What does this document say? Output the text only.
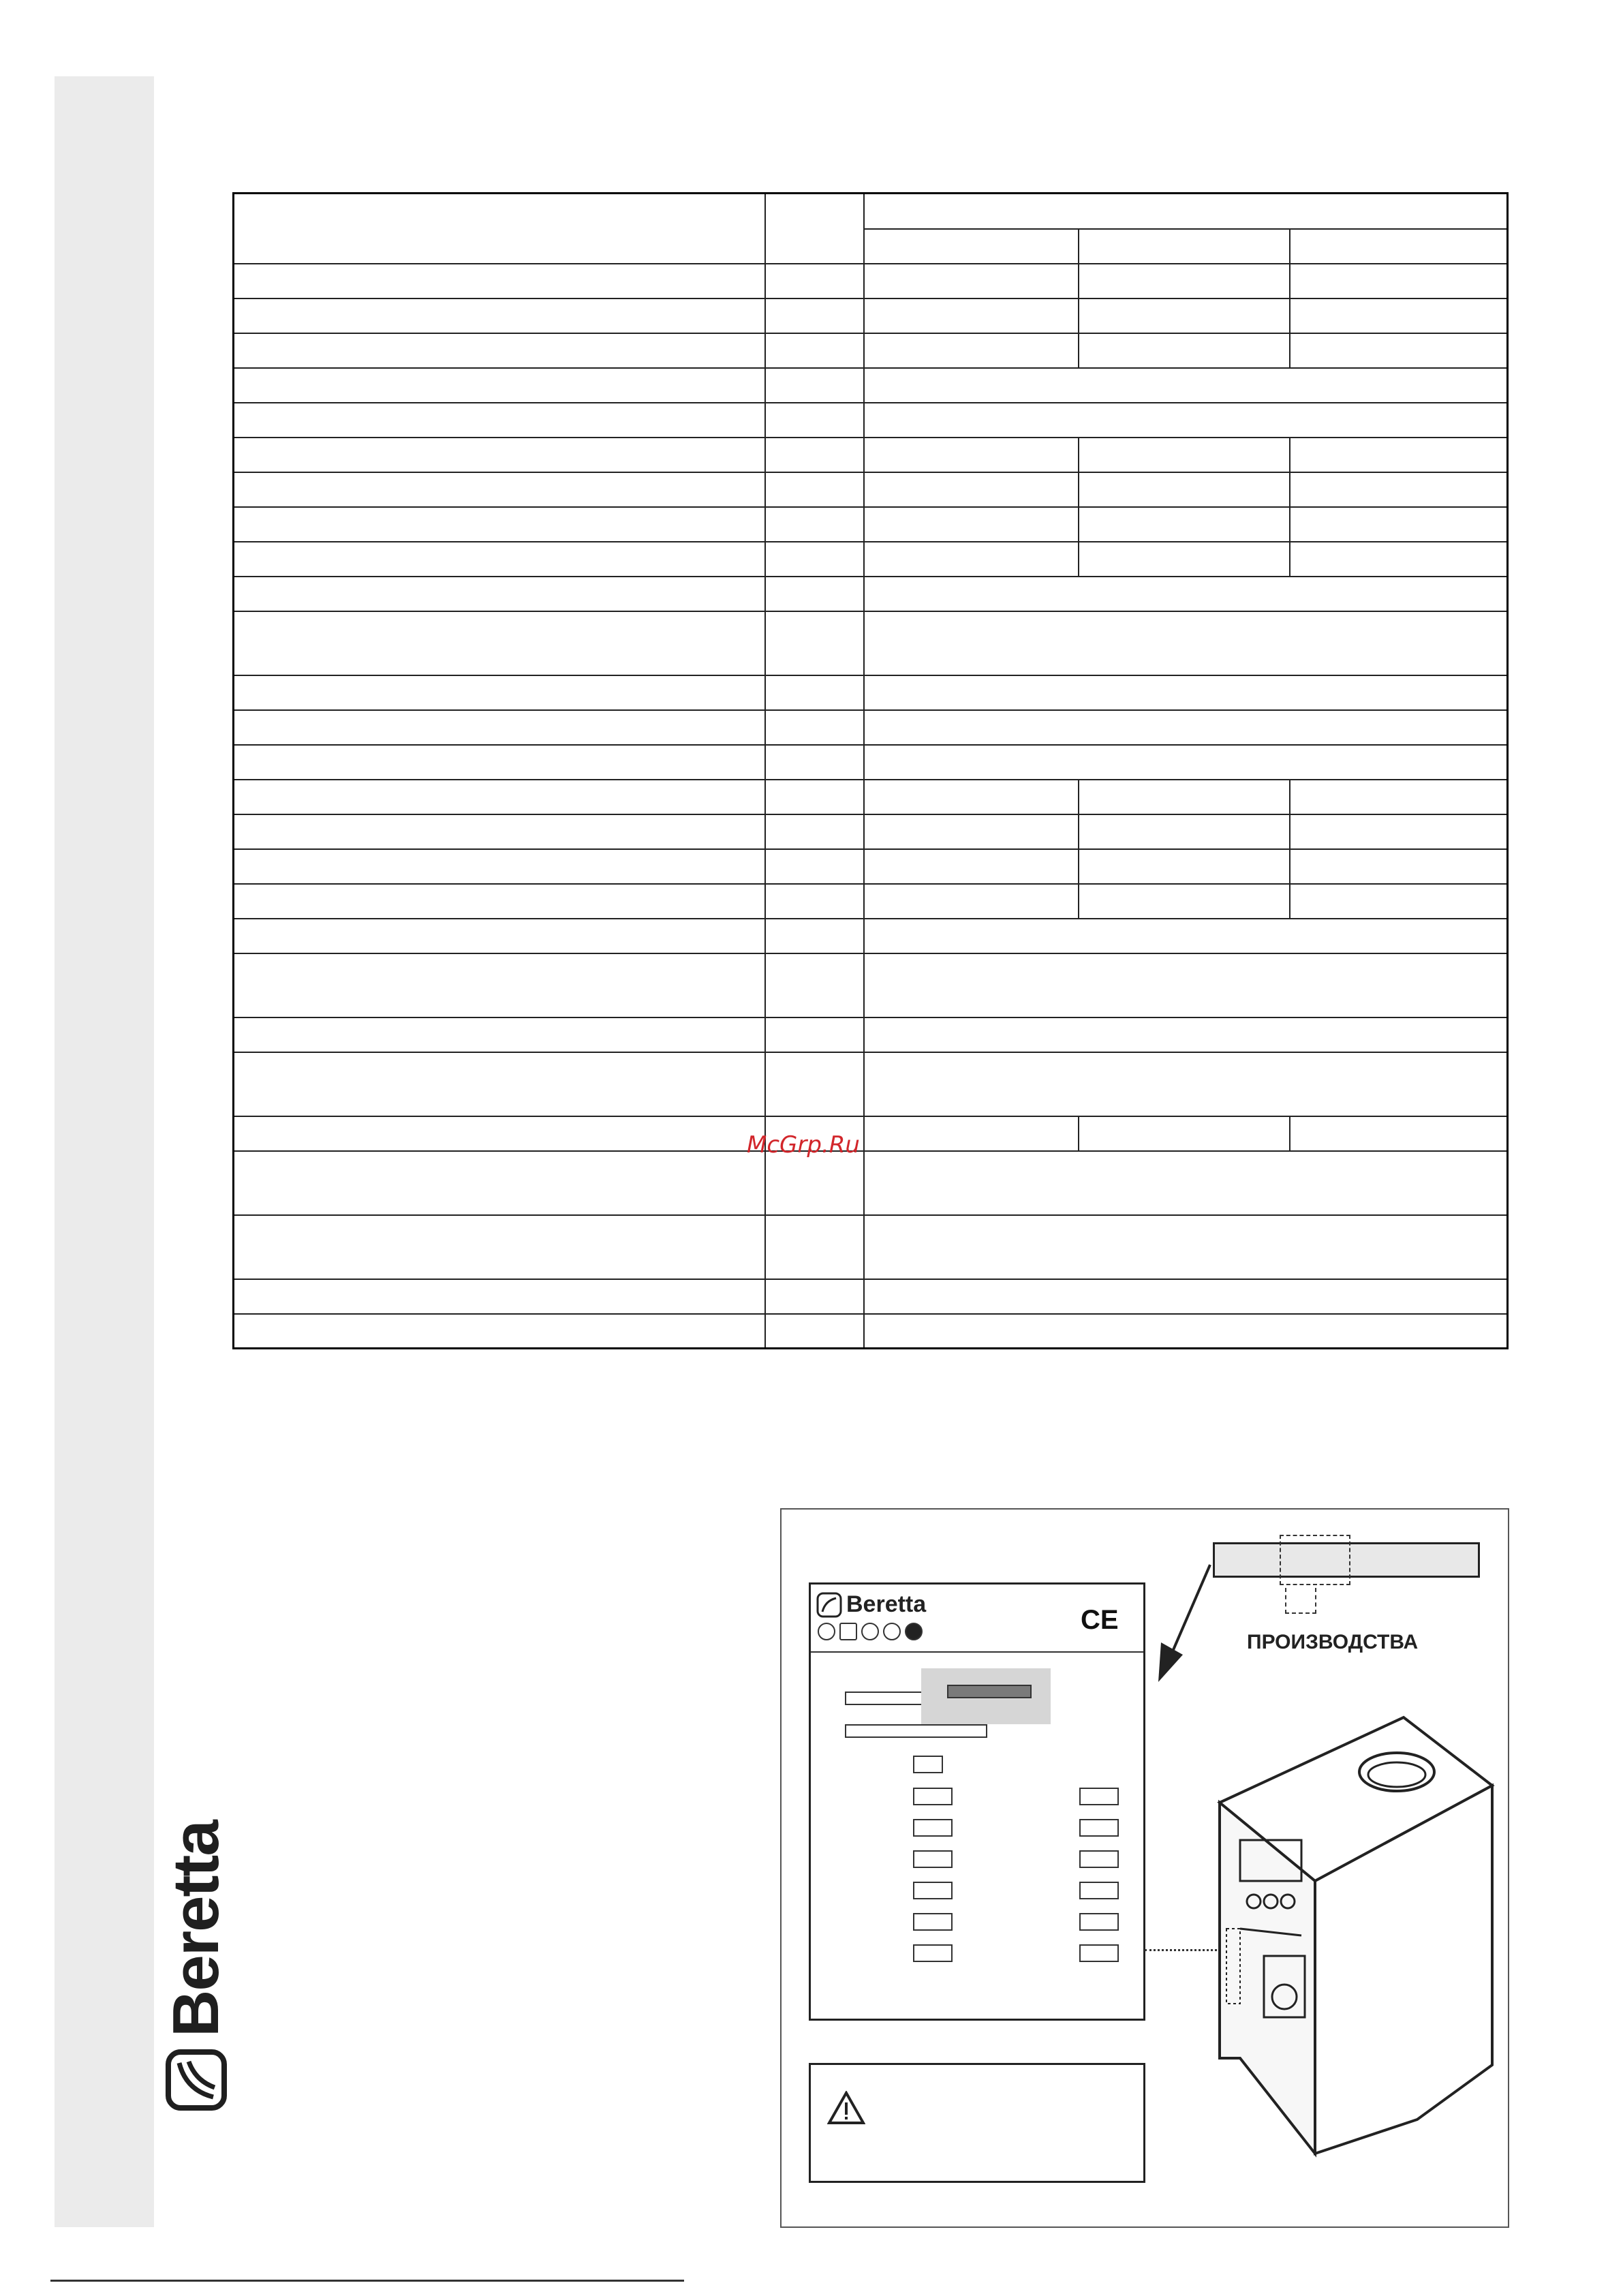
Beretta

McGrp.Ru
Beretta
CE
ПРОИЗВОДСТВА
